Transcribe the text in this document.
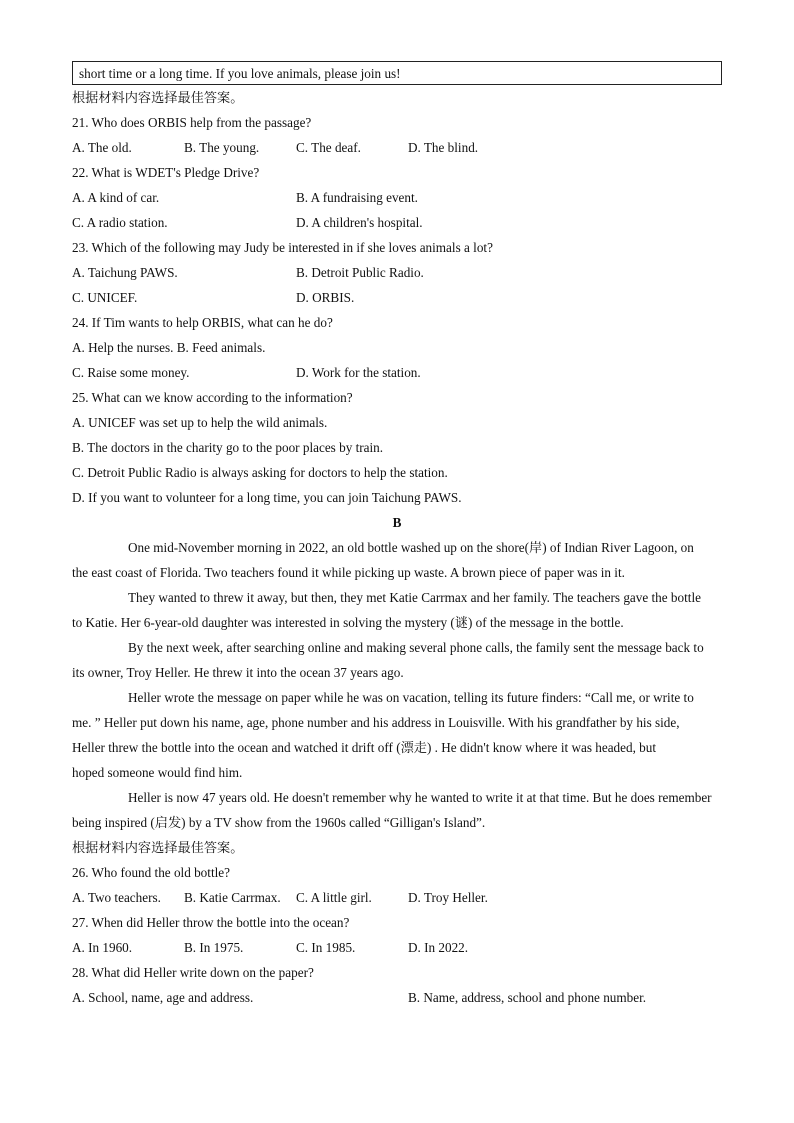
short time or a long time. If you love animals, please join us!
根据材料内容选择最佳答案。
21. Who does ORBIS help from the passage?
A. The old.	B. The young.	C. The deaf.	D. The blind.
22. What is WDET's Pledge Drive?
A. A kind of car.	B. A fundraising event.
C. A radio station.	D. A children's hospital.
23. Which of the following may Judy be interested in if she loves animals a lot?
A. Taichung PAWS.	B. Detroit Public Radio.
C. UNICEF.	D. ORBIS.
24. If Tim wants to help ORBIS, what can he do?
A. Help the nurses. B. Feed animals.
C. Raise some money.	D. Work for the station.
25. What can we know according to the information?
A. UNICEF was set up to help the wild animals.
B. The doctors in the charity go to the poor places by train.
C. Detroit Public Radio is always asking for doctors to help the station.
D. If you want to volunteer for a long time, you can join Taichung PAWS.
B
One mid-November morning in 2022, an old bottle washed up on the shore(岸) of Indian River Lagoon, on
the east coast of Florida. Two teachers found it while picking up waste. A brown piece of paper was in it.
They wanted to threw it away, but then, they met Katie Carrmax and her family. The teachers gave the bottle
to Katie. Her 6-year-old daughter was interested in solving the mystery (谜) of the message in the bottle.
By the next week, after searching online and making several phone calls, the family sent the message back to
its owner, Troy Heller. He threw it into the ocean 37 years ago.
Heller wrote the message on paper while he was on vacation, telling its future finders: “Call me, or write to
me. ” Heller put down his name, age, phone number and his address in Louisville. With his grandfather by his side,
Heller threw the bottle into the ocean and watched it drift off (漂走) . He didn't know where it was headed, but
hoped someone would find him.
Heller is now 47 years old. He doesn't remember why he wanted to write it at that time. But he does remember
being inspired (启发) by a TV show from the 1960s called “Gilligan's Island”.
根据材料内容选择最佳答案。
26. Who found the old bottle?
A. Two teachers. B. Katie Carrmax. C. A little girl.	D. Troy Heller.
27. When did Heller throw the bottle into the ocean?
A. In 1960.	B. In 1975.	C. In 1985.	D. In 2022.
28. What did Heller write down on the paper?
A. School, name, age and address.	B. Name, address, school and phone number.
